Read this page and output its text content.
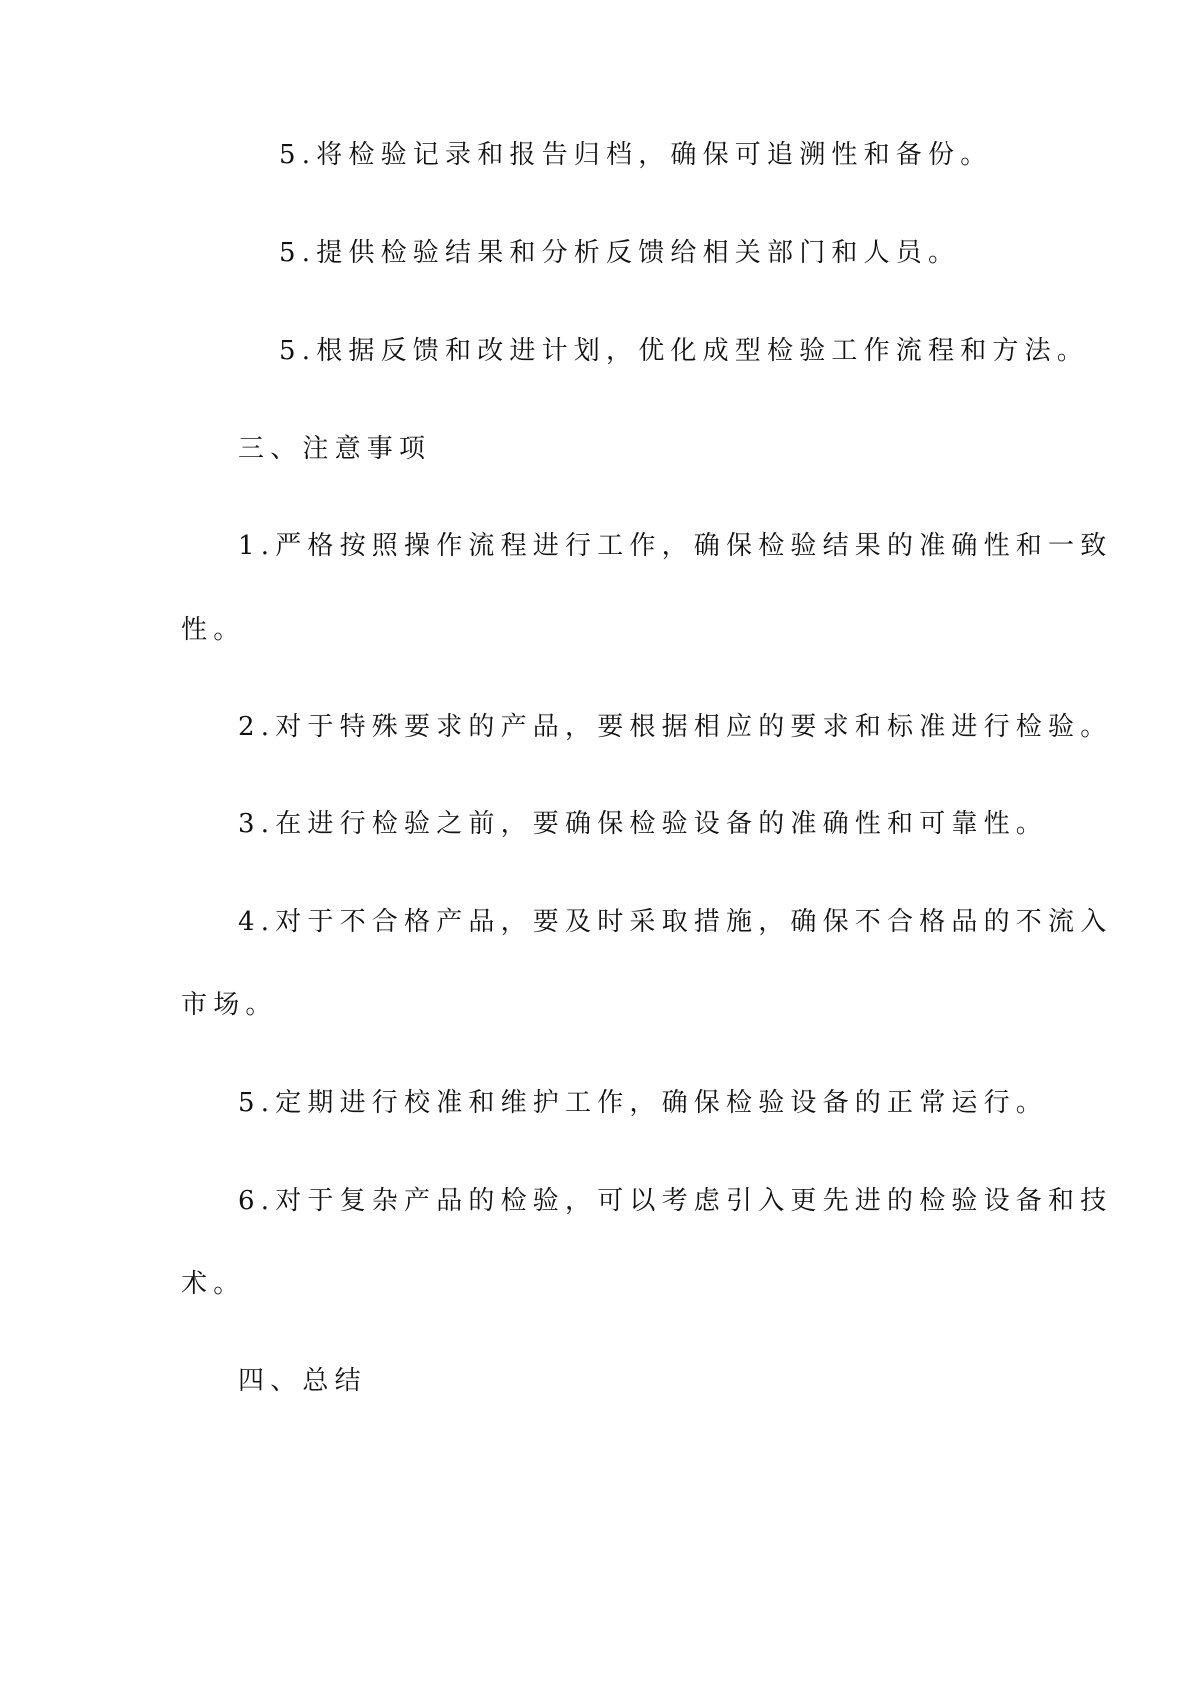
5.将检验记录和报告归档，确保可追溯性和备份。
5.提供检验结果和分析反馈给相关部门和人员。
5.根据反馈和改进计划，优化成型检验工作流程和方法。
三、注意事项
1.严格按照操作流程进行工作，确保检验结果的准确性和一致
性。
2.对于特殊要求的产品，要根据相应的要求和标准进行检验。
3.在进行检验之前，要确保检验设备的准确性和可靠性。
4.对于不合格产品，要及时采取措施，确保不合格品的不流入
市场。
5.定期进行校准和维护工作，确保检验设备的正常运行。
6.对于复杂产品的检验，可以考虑引入更先进的检验设备和技
术。
四、总结
